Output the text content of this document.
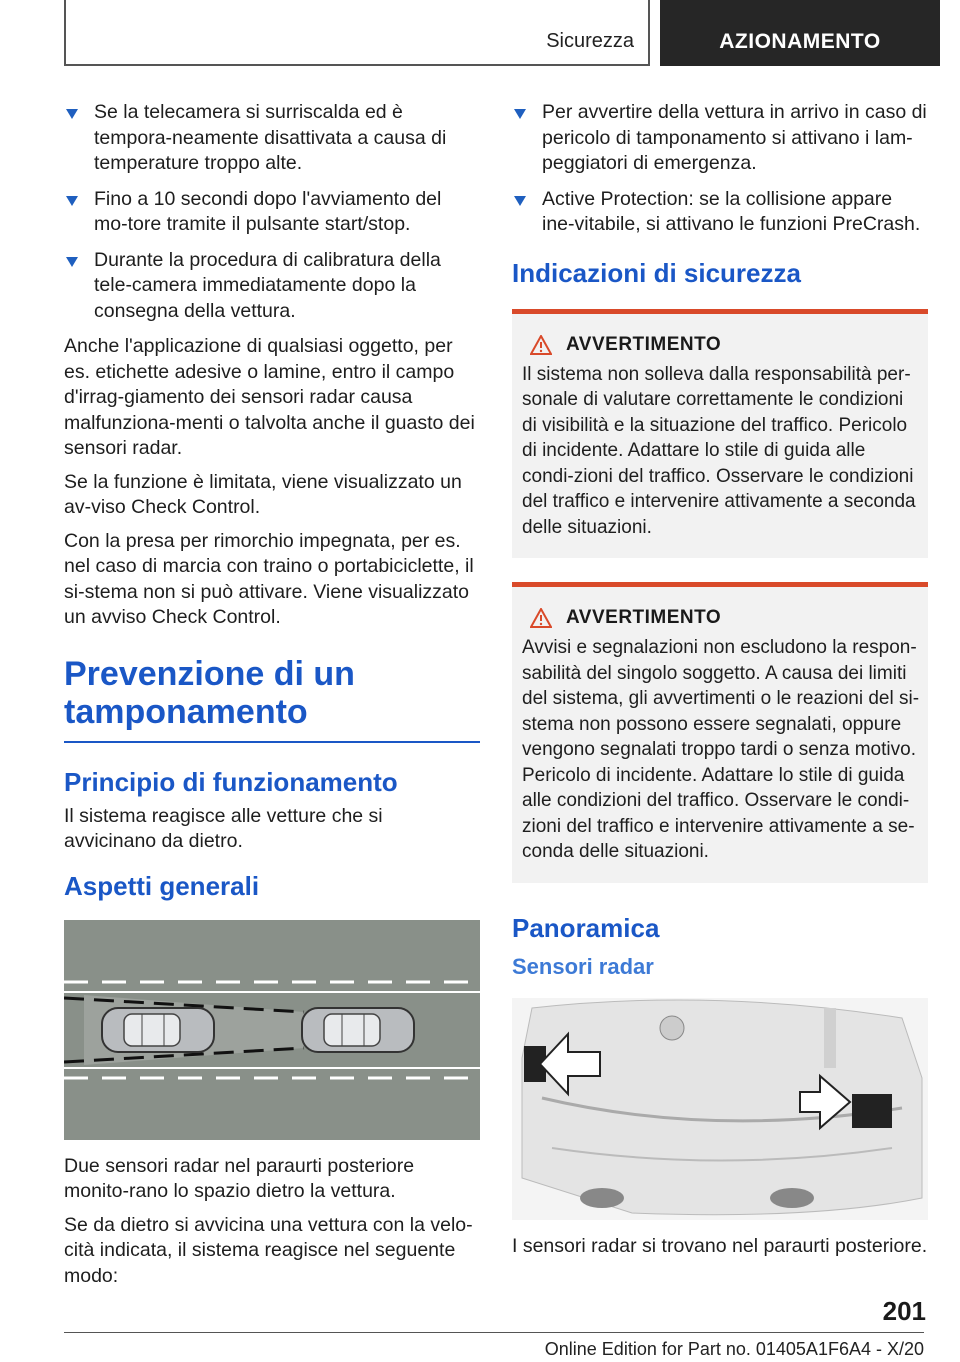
Sicurezza	AZIONAMENTO
Se la telecamera si surriscalda ed è tempora-neamente disattivata a causa di temperature troppo alte.
Fino a 10 secondi dopo l'avviamento del mo-tore tramite il pulsante start/stop.
Durante la procedura di calibratura della tele-camera immediatamente dopo la consegna della vettura.

Anche l'applicazione di qualsiasi oggetto, per es. etichette adesive o lamine, entro il campo d'irrag-giamento dei sensori radar causa malfunziona-menti o talvolta anche il guasto dei sensori radar.

Se la funzione è limitata, viene visualizzato un av-viso Check Control.

Con la presa per rimorchio impegnata, per es. nel caso di marcia con traino o portabiciclette, il si-stema non si può attivare. Viene visualizzato un avviso Check Control.

Prevenzione di un tamponamento
Principio di funzionamento

Il sistema reagisce alle vetture che si avvicinano da dietro.

Aspetti generali

Due sensori radar nel paraurti posteriore monito-rano lo spazio dietro la vettura.

Se da dietro si avvicina una vettura con la velo-cità indicata, il sistema reagisce nel seguente modo:

Per avvertire della vettura in arrivo in caso di pericolo di tamponamento si attivano i lam-peggiatori di emergenza.
Active Protection: se la collisione appare ine-vitabile, si attivano le funzioni PreCrash.
Indicazioni di sicurezza
AVVERTIMENTO

Il sistema non solleva dalla responsabilità per-sonale di valutare correttamente le condizioni di visibilità e la situazione del traffico. Pericolo di incidente. Adattare lo stile di guida alle condi-zioni del traffico. Osservare le condizioni del traffico e intervenire attivamente a seconda delle situazioni.

AVVERTIMENTO

Avvisi e segnalazioni non escludono la respon-sabilità del singolo soggetto. A causa dei limiti del sistema, gli avvertimenti o le reazioni del si-stema non possono essere segnalati, oppure vengono segnalati troppo tardi o senza motivo. Pericolo di incidente. Adattare lo stile di guida alle condizioni del traffico. Osservare le condi-zioni del traffico e intervenire attivamente a se-conda delle situazioni.

Panoramica
Sensori radar

I sensori radar si trovano nel paraurti posteriore.

201
Online Edition for Part no. 01405A1F6A4 - X/20
